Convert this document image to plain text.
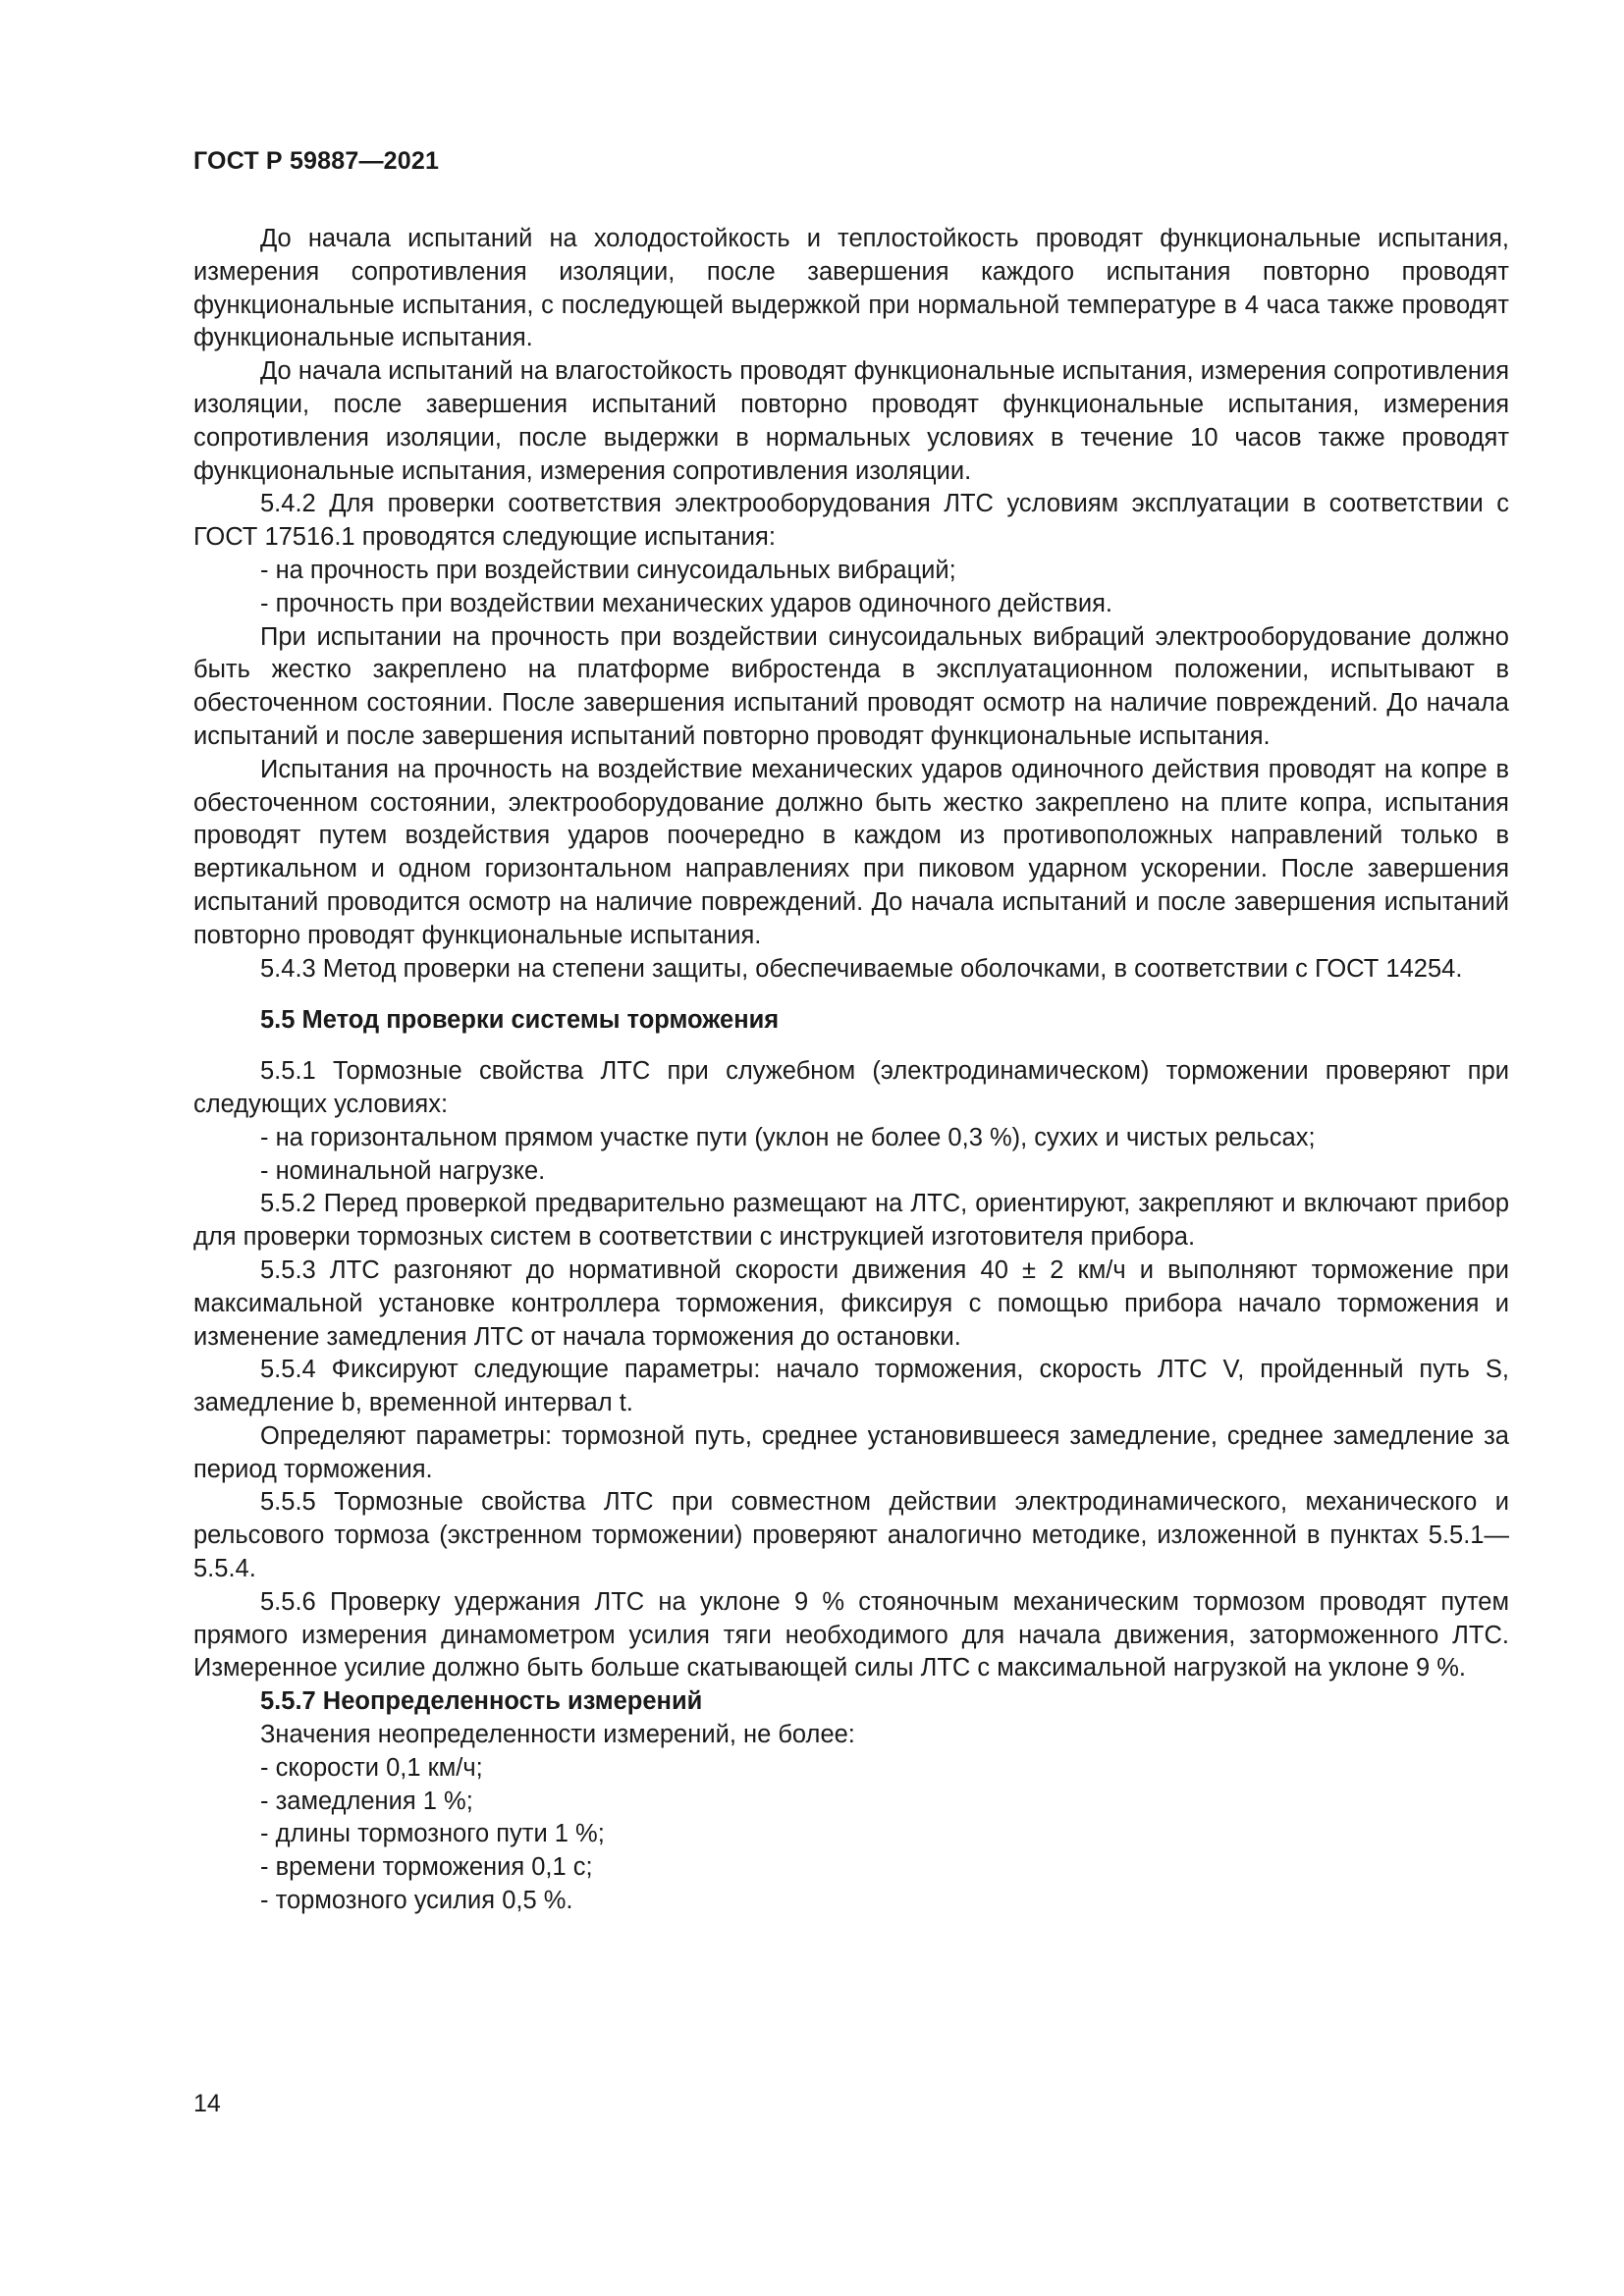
ГОСТ Р 59887—2021

До начала испытаний на холодостойкость и теплостойкость проводят функциональные испытания, измерения сопротивления изоляции, после завершения каждого испытания повторно проводят функциональные испытания, с последующей выдержкой при нормальной температуре в 4 часа также проводят функциональные испытания.

До начала испытаний на влагостойкость проводят функциональные испытания, измерения сопротивления изоляции, после завершения испытаний повторно проводят функциональные испытания, измерения сопротивления изоляции, после выдержки в нормальных условиях в течение 10 часов также проводят функциональные испытания, измерения сопротивления изоляции.

5.4.2 Для проверки соответствия электрооборудования ЛТС условиям эксплуатации в соответствии с ГОСТ 17516.1 проводятся следующие испытания:

- на прочность при воздействии синусоидальных вибраций;

- прочность при воздействии механических ударов одиночного действия.

При испытании на прочность при воздействии синусоидальных вибраций электрооборудование должно быть жестко закреплено на платформе вибростенда в эксплуатационном положении, испытывают в обесточенном состоянии. После завершения испытаний проводят осмотр на наличие повреждений. До начала испытаний и после завершения испытаний повторно проводят функциональные испытания.

Испытания на прочность на воздействие механических ударов одиночного действия проводят на копре в обесточенном состоянии, электрооборудование должно быть жестко закреплено на плите копра, испытания проводят путем воздействия ударов поочередно в каждом из противоположных направлений только в вертикальном и одном горизонтальном направлениях при пиковом ударном ускорении. После завершения испытаний проводится осмотр на наличие повреждений. До начала испытаний и после завершения испытаний повторно проводят функциональные испытания.

5.4.3 Метод проверки на степени защиты, обеспечиваемые оболочками, в соответствии с ГОСТ 14254.

5.5 Метод проверки системы торможения

5.5.1 Тормозные свойства ЛТС при служебном (электродинамическом) торможении проверяют при следующих условиях:

- на горизонтальном прямом участке пути (уклон не более 0,3 %), сухих и чистых рельсах;

- номинальной нагрузке.

5.5.2 Перед проверкой предварительно размещают на ЛТС, ориентируют, закрепляют и включают прибор для проверки тормозных систем в соответствии с инструкцией изготовителя прибора.

5.5.3 ЛТС разгоняют до нормативной скорости движения 40 ± 2 км/ч и выполняют торможение при максимальной установке контроллера торможения, фиксируя с помощью прибора начало торможения и изменение замедления ЛТС от начала торможения до остановки.

5.5.4 Фиксируют следующие параметры: начало торможения, скорость ЛТС V, пройденный путь S, замедление b, временной интервал t.

Определяют параметры: тормозной путь, среднее установившееся замедление, среднее замедление за период торможения.

5.5.5 Тормозные свойства ЛТС при совместном действии электродинамического, механического и рельсового тормоза (экстренном торможении) проверяют аналогично методике, изложенной в пунктах 5.5.1—5.5.4.

5.5.6 Проверку удержания ЛТС на уклоне 9 % стояночным механическим тормозом проводят путем прямого измерения динамометром усилия тяги необходимого для начала движения, заторможенного ЛТС. Измеренное усилие должно быть больше скатывающей силы ЛТС с максимальной нагрузкой на уклоне 9 %.

5.5.7 Неопределенность измерений

Значения неопределенности измерений, не более:

- скорости 0,1 км/ч;

- замедления 1 %;

- длины тормозного пути 1 %;

- времени торможения 0,1 с;

- тормозного усилия 0,5 %.

14
